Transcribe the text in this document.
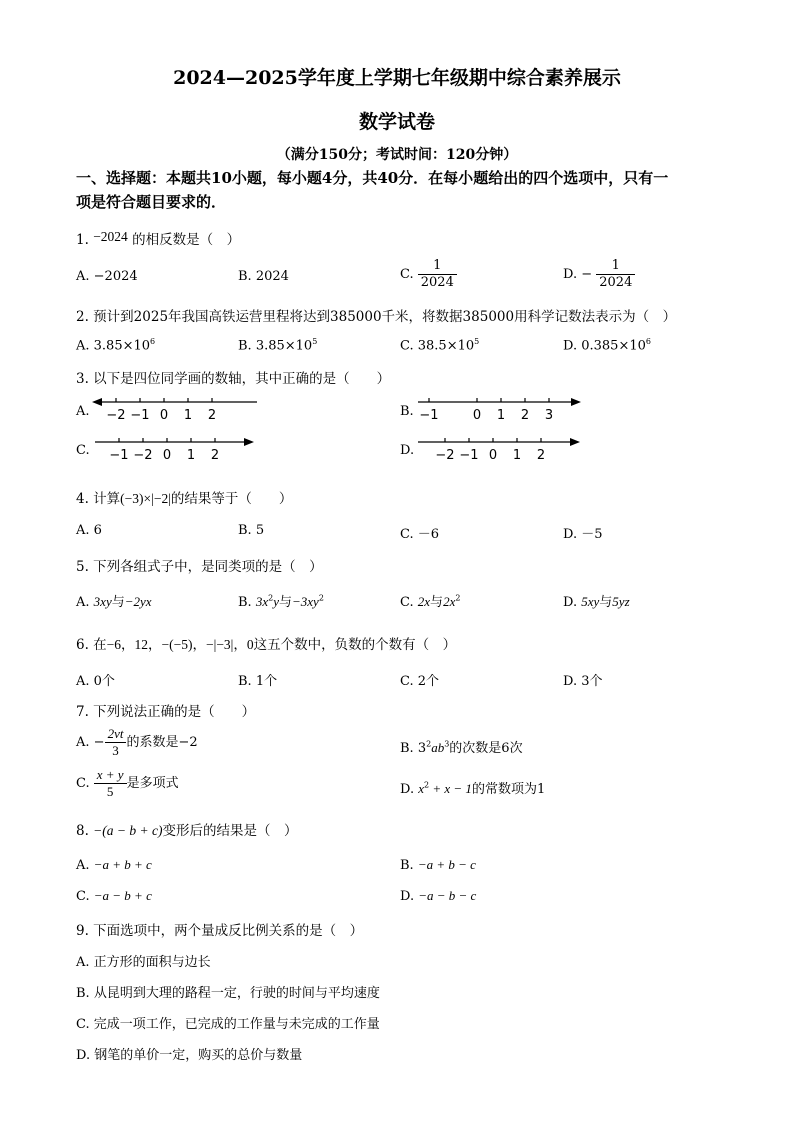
2024—2025学年度上学期七年级期中综合素养展示
数学试卷
（满分150分；考试时间：120分钟）
一、选择题：本题共10小题，每小题4分，共40分．在每小题给出的四个选项中，只有一
项是符合题目要求的．
1. −2024 的相反数是（　）
A. −2024	B. 2024	C. $\frac{1}{2024}$	D. − $\frac{1}{2024}$
2. 预计到2025年我国高铁运营里程将达到385000千米，将数据385000用科学记数法表示为（　）
A. $3.85\times 10^6$	B. $3.85\times 10^5$	C. $38.5\times 10^5$	D. $0.385\times 10^6$
3. 以下是四位同学画的数轴，其中正确的是（　　）
A.	B.
C.	D.
−2 −1 0 1 2	−1	0 1 2 3
−1 −2 0 1 2	−2 −1 0 1 2
4. 计算(−3)×|−2|的结果等于（　　）
A. 6	B. 5	C. －6	D. －5
5. 下列各组式子中，是同类项的是（　）
A. 3xy与−2yx	B. $3x^2y$与$-3xy^2$	C. 2x与$2x^2$	D. 5xy与5yz
6. 在−6，12，−(−5)，−|−3|，0这五个数中，负数的个数有（　）
A. 0个	B. 1个	C. 2个	D. 3个
7. 下列说法正确的是（　　）
A. − $\frac{2vt}{3}$ 的系数是−2	B. $3^2ab^3$的次数是6次
C. $\frac{x + y}{5}$ 是多项式	D. $x^2 + x - 1$的常数项为1
8. −(a − b + c)变形后的结果是（　）
A. −a + b + c	B. −a + b − c
C. −a − b + c	D. −a − b − c
9. 下面选项中，两个量成反比例关系的是（　）
A. 正方形的面积与边长
B. 从昆明到大理的路程一定，行驶的时间与平均速度
C. 完成一项工作，已完成的工作量与未完成的工作量
D. 钢笔的单价一定，购买的总价与数量
